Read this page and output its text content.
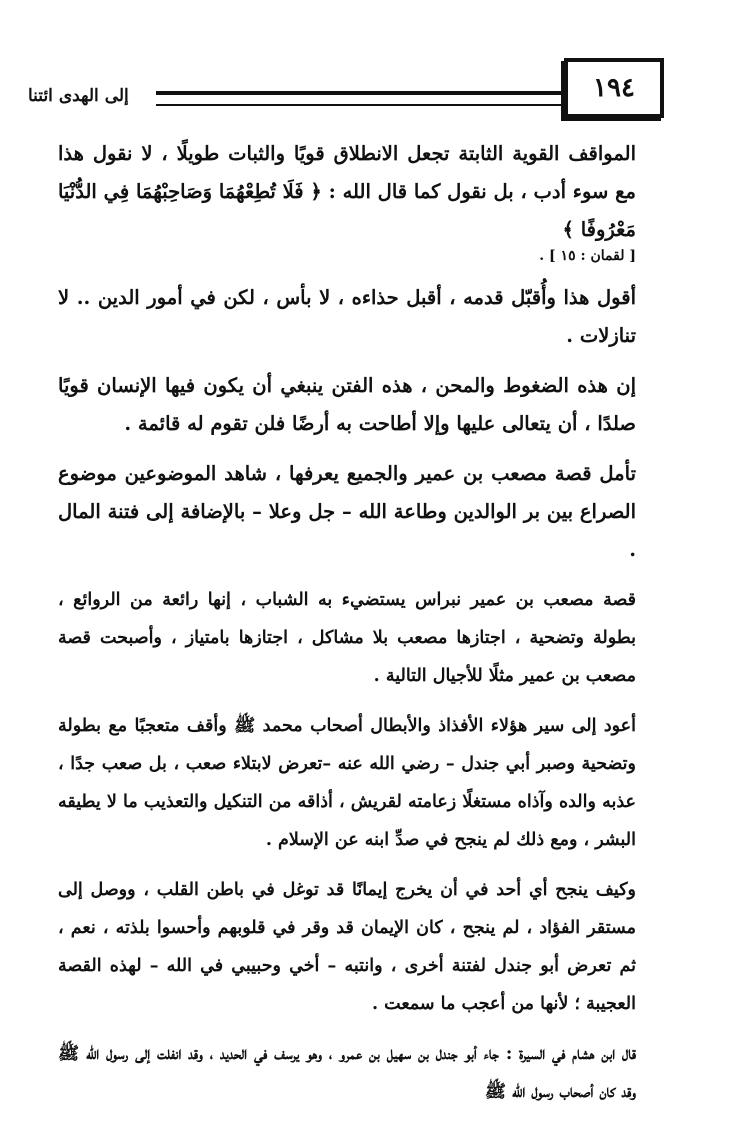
إلى الهدى ائتنا	١٩٤

المواقف القوية الثابتة تجعل الانطلاق قويًا والثبات طويلًا ، لا نقول هذا مع سوء أدب ، بل نقول كما قال الله : ﴿ فَلَا تُطِعْهُمَا وَصَاحِبْهُمَا فِي الدُّنْيَا مَعْرُوفًا ﴾
[ لقمان : ١٥ ] .

أقول هذا وأُقبّل قدمه ، أقبل حذاءه ، لا بأس ، لكن في أمور الدين .. لا تنازلات .

إن هذه الضغوط والمحن ، هذه الفتن ينبغي أن يكون فيها الإنسان قويًا صلدًا ، أن يتعالى عليها وإلا أطاحت به أرضًا فلن تقوم له قائمة .

تأمل قصة مصعب بن عمير والجميع يعرفها ، شاهد الموضوعين موضوع الصراع بين بر الوالدين وطاعة الله – جل وعلا – بالإضافة إلى فتنة المال .

قصة مصعب بن عمير نبراس يستضيء به الشباب ، إنها رائعة من الروائع ، بطولة وتضحية ، اجتازها مصعب بلا مشاكل ، اجتازها بامتياز ، وأصبحت قصة مصعب بن عمير مثلًا للأجيال التالية .

أعود إلى سير هؤلاء الأفذاذ والأبطال أصحاب محمد ﷺ وأقف متعجبًا مع بطولة وتضحية وصبر أبي جندل – رضي الله عنه –تعرض لابتلاء صعب ، بل صعب جدًا ، عذبه والده وآذاه مستغلًا زعامته لقريش ، أذاقه من التنكيل والتعذيب ما لا يطيقه البشر ، ومع ذلك لم ينجح في صدِّ ابنه عن الإسلام .

وكيف ينجح أي أحد في أن يخرج إيمانًا قد توغل في باطن القلب ، ووصل إلى مستقر الفؤاد ، لم ينجح ، كان الإيمان قد وقر في قلوبهم وأحسوا بلذته ، نعم ، ثم تعرض أبو جندل لفتنة أخرى ، وانتبه – أخي وحبيبي في الله – لهذه القصة العجيبة ؛ لأنها من أعجب ما سمعت .

قال ابن هشام في السيرة : جاء أبو جندل بن سهيل بن عمرو ، وهو يرسف في الحديد ، وقد انفلت إلى رسول الله ﷺ وقد كان أصحاب رسول الله ﷺ
